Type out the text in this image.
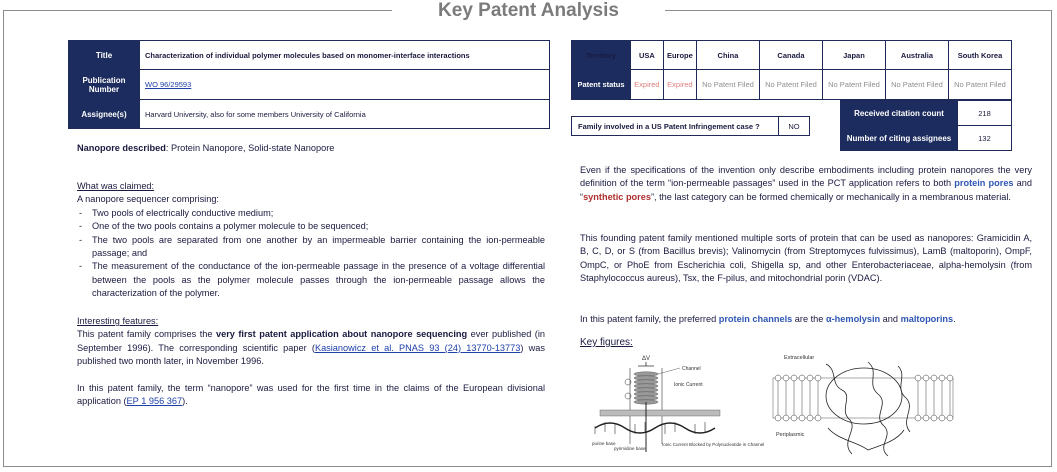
Key Patent Analysis
Title	Characterization of individual polymer molecules based on monomer-interface interactions
Publication Number	WO 96/29593
Assignee(s)	Harvard University, also for some members University of California
Territory	USA	Europe	China	Canada	Japan	Australia	South Korea
Patent status	Expired	Expired	No Patent Filed	No Patent Filed	No Patent Filed	No Patent Filed	No Patent Filed
Family involved in a US Patent Infringement case ?	NO
Received citation count	218
Number of citing assignees	132
Nanopore described: Protein Nanopore, Solid-state Nanopore
What was claimed:
A nanopore sequencer comprising:
- Two pools of electrically conductive medium;
- One of the two pools contains a polymer molecule to be sequenced;
- The two pools are separated from one another by an impermeable barrier containing the ion-permeable passage; and
- The measurement of the conductance of the ion-permeable passage in the presence of a voltage differential between the pools as the polymer molecule passes through the ion-permeable passage allows the characterization of the polymer.
Interesting features:
This patent family comprises the very first patent application about nanopore sequencing ever published (in September 1996). The corresponding scientific paper (Kasianowicz et al. PNAS 93 (24) 13770-13773) was published two month later, in November 1996.
In this patent family, the term “nanopore” was used for the first time in the claims of the European divisional application (EP 1 956 367).
Even if the specifications of the invention only describe embodiments including protein nanopores the very definition of the term “ion-permeable passages” used in the PCT application refers to both protein pores and “synthetic pores”, the last category can be formed chemically or mechanically in a membranous material.
This founding patent family mentioned multiple sorts of protein that can be used as nanopores: Gramicidin A, B, C, D, or S (from Bacillus brevis); Valinomycin (from Streptomyces fulvissimus), LamB (maltoporin), OmpF, OmpC, or PhoE from Escherichia coli, Shigella sp, and other Enterobacteriaceae, alpha-hemolysin (from Staphylococcus aureus), Tsx, the F-pilus, and mitochondrial porin (VDAC).
In this patent family, the preferred protein channels are the α-hemolysin and maltoporins.
Key figures:
ΔV
Channel
Ionic Current
purine base
pyrimidine base
Ionic Current Blocked by Polynucleotide in Channel
Extracellular
Periplasmic
